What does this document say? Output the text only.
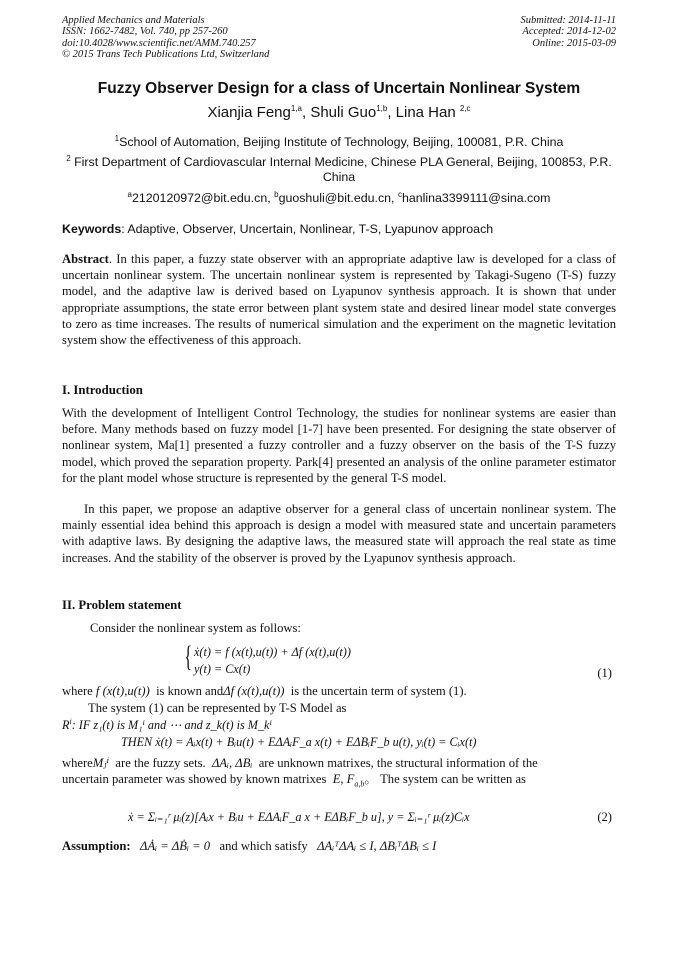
Applied Mechanics and Materials
ISSN: 1662-7482, Vol. 740, pp 257-260
doi:10.4028/www.scientific.net/AMM.740.257
© 2015 Trans Tech Publications Ltd, Switzerland
Submitted: 2014-11-11
Accepted: 2014-12-02
Online: 2015-03-09
Fuzzy Observer Design for a class of Uncertain Nonlinear System
Xianjia Feng$^{1,a}$, Shuli Guo$^{1,b}$, Lina Han $^{2,c}$
$^1$School of Automation, Beijing Institute of Technology, Beijing, 100081, P.R. China
$^2$ First Department of Cardiovascular Internal Medicine, Chinese PLA General, Beijing, 100853, P.R.
China
$^a$2120120972@bit.edu.cn, $^b$guoshuli@bit.edu.cn, $^c$hanlina3399111@sina.com
Keywords: Adaptive, Observer, Uncertain, Nonlinear, T-S, Lyapunov approach
Abstract. In this paper, a fuzzy state observer with an appropriate adaptive law is developed for a class of uncertain nonlinear system. The uncertain nonlinear system is represented by Takagi-Sugeno (T-S) fuzzy model, and the adaptive law is derived based on Lyapunov synthesis approach. It is shown that under appropriate assumptions, the state error between plant system state and desired linear model state converges to zero as time increases. The results of numerical simulation and the experiment on the magnetic levitation system show the effectiveness of this approach.
I. Introduction
With the development of Intelligent Control Technology, the studies for nonlinear systems are easier than before. Many methods based on fuzzy model [1-7] have been presented. For designing the state observer of nonlinear system, Ma[1] presented a fuzzy controller and a fuzzy observer on the basis of the T-S fuzzy model, which proved the separation property. Park[4] presented an analysis of the online parameter estimator for the plant model whose structure is represented by the general T-S model.
In this paper, we propose an adaptive observer for a general class of uncertain nonlinear system. The mainly essential idea behind this approach is design a model with measured state and uncertain parameters with adaptive laws. By designing the adaptive laws, the measured state will approach the real state as time increases. And the stability of the observer is proved by the Lyapunov synthesis approach.
II. Problem statement
Consider the nonlinear system as follows:
{ ẋ(t) = f (x(t),u(t)) + Δf (x(t),u(t))
y(t) = Cx(t)	(1)
where f (x(t),u(t)) is known andΔf (x(t),u(t)) is the uncertain term of system (1).
The system (1) can be represented by T-S Model as
$R^i$: IF z₁(t) is M₁ⁱ and ⋯ and z_k(t) is M_kⁱ
THEN ẋ(t) = Aᵢx(t) + Bᵢu(t) + EΔAᵢF_a x(t) + EΔBᵢF_b u(t), yᵢ(t) = Cᵢx(t)
whereMⱼⁱ are the fuzzy sets. ΔAᵢ, ΔBᵢ are unknown matrixes, the structural information of the
uncertain parameter was showed by known matrixes E, $F_{a,b}$。 The system can be written as
ẋ = Σᵢ₌₁ʳ μᵢ(z)[Aᵢx + Bᵢu + EΔAᵢF_a x + EΔBᵢF_b u], y = Σᵢ₌₁ʳ μᵢ(z)Cᵢx	(2)
Assumption: ΔȦᵢ = ΔḂᵢ = 0 and which satisfy ΔAᵢᵀΔAᵢ ≤ I, ΔBᵢᵀΔBᵢ ≤ I
